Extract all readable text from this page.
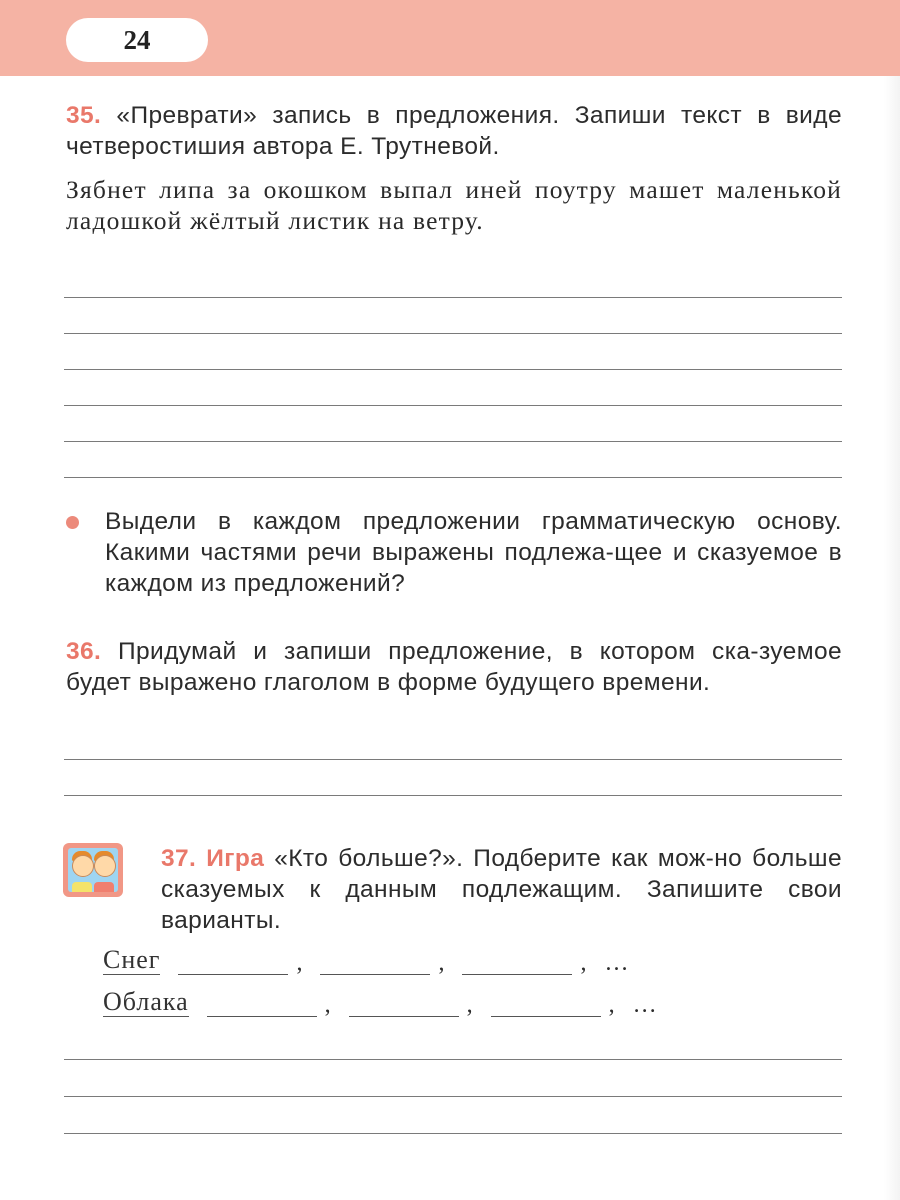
24
35. «Преврати» запись в предложения. Запиши текст в виде четверостишия автора Е. Трутневой.
Зябнет липа за окошком выпал иней поутру машет маленькой ладошкой жёлтый листик на ветру.
Выдели в каждом предложении грамматическую основу. Какими частями речи выражены подлежа-щее и сказуемое в каждом из предложений?
36. Придумай и запиши предложение, в котором ска-зуемое будет выражено глаголом в форме будущего времени.
37. Игра «Кто больше?». Подберите как мож-но больше сказуемых к данным подлежащим. Запишите свои варианты.
Снег	,	,	, …
Облака	,	,	, …
